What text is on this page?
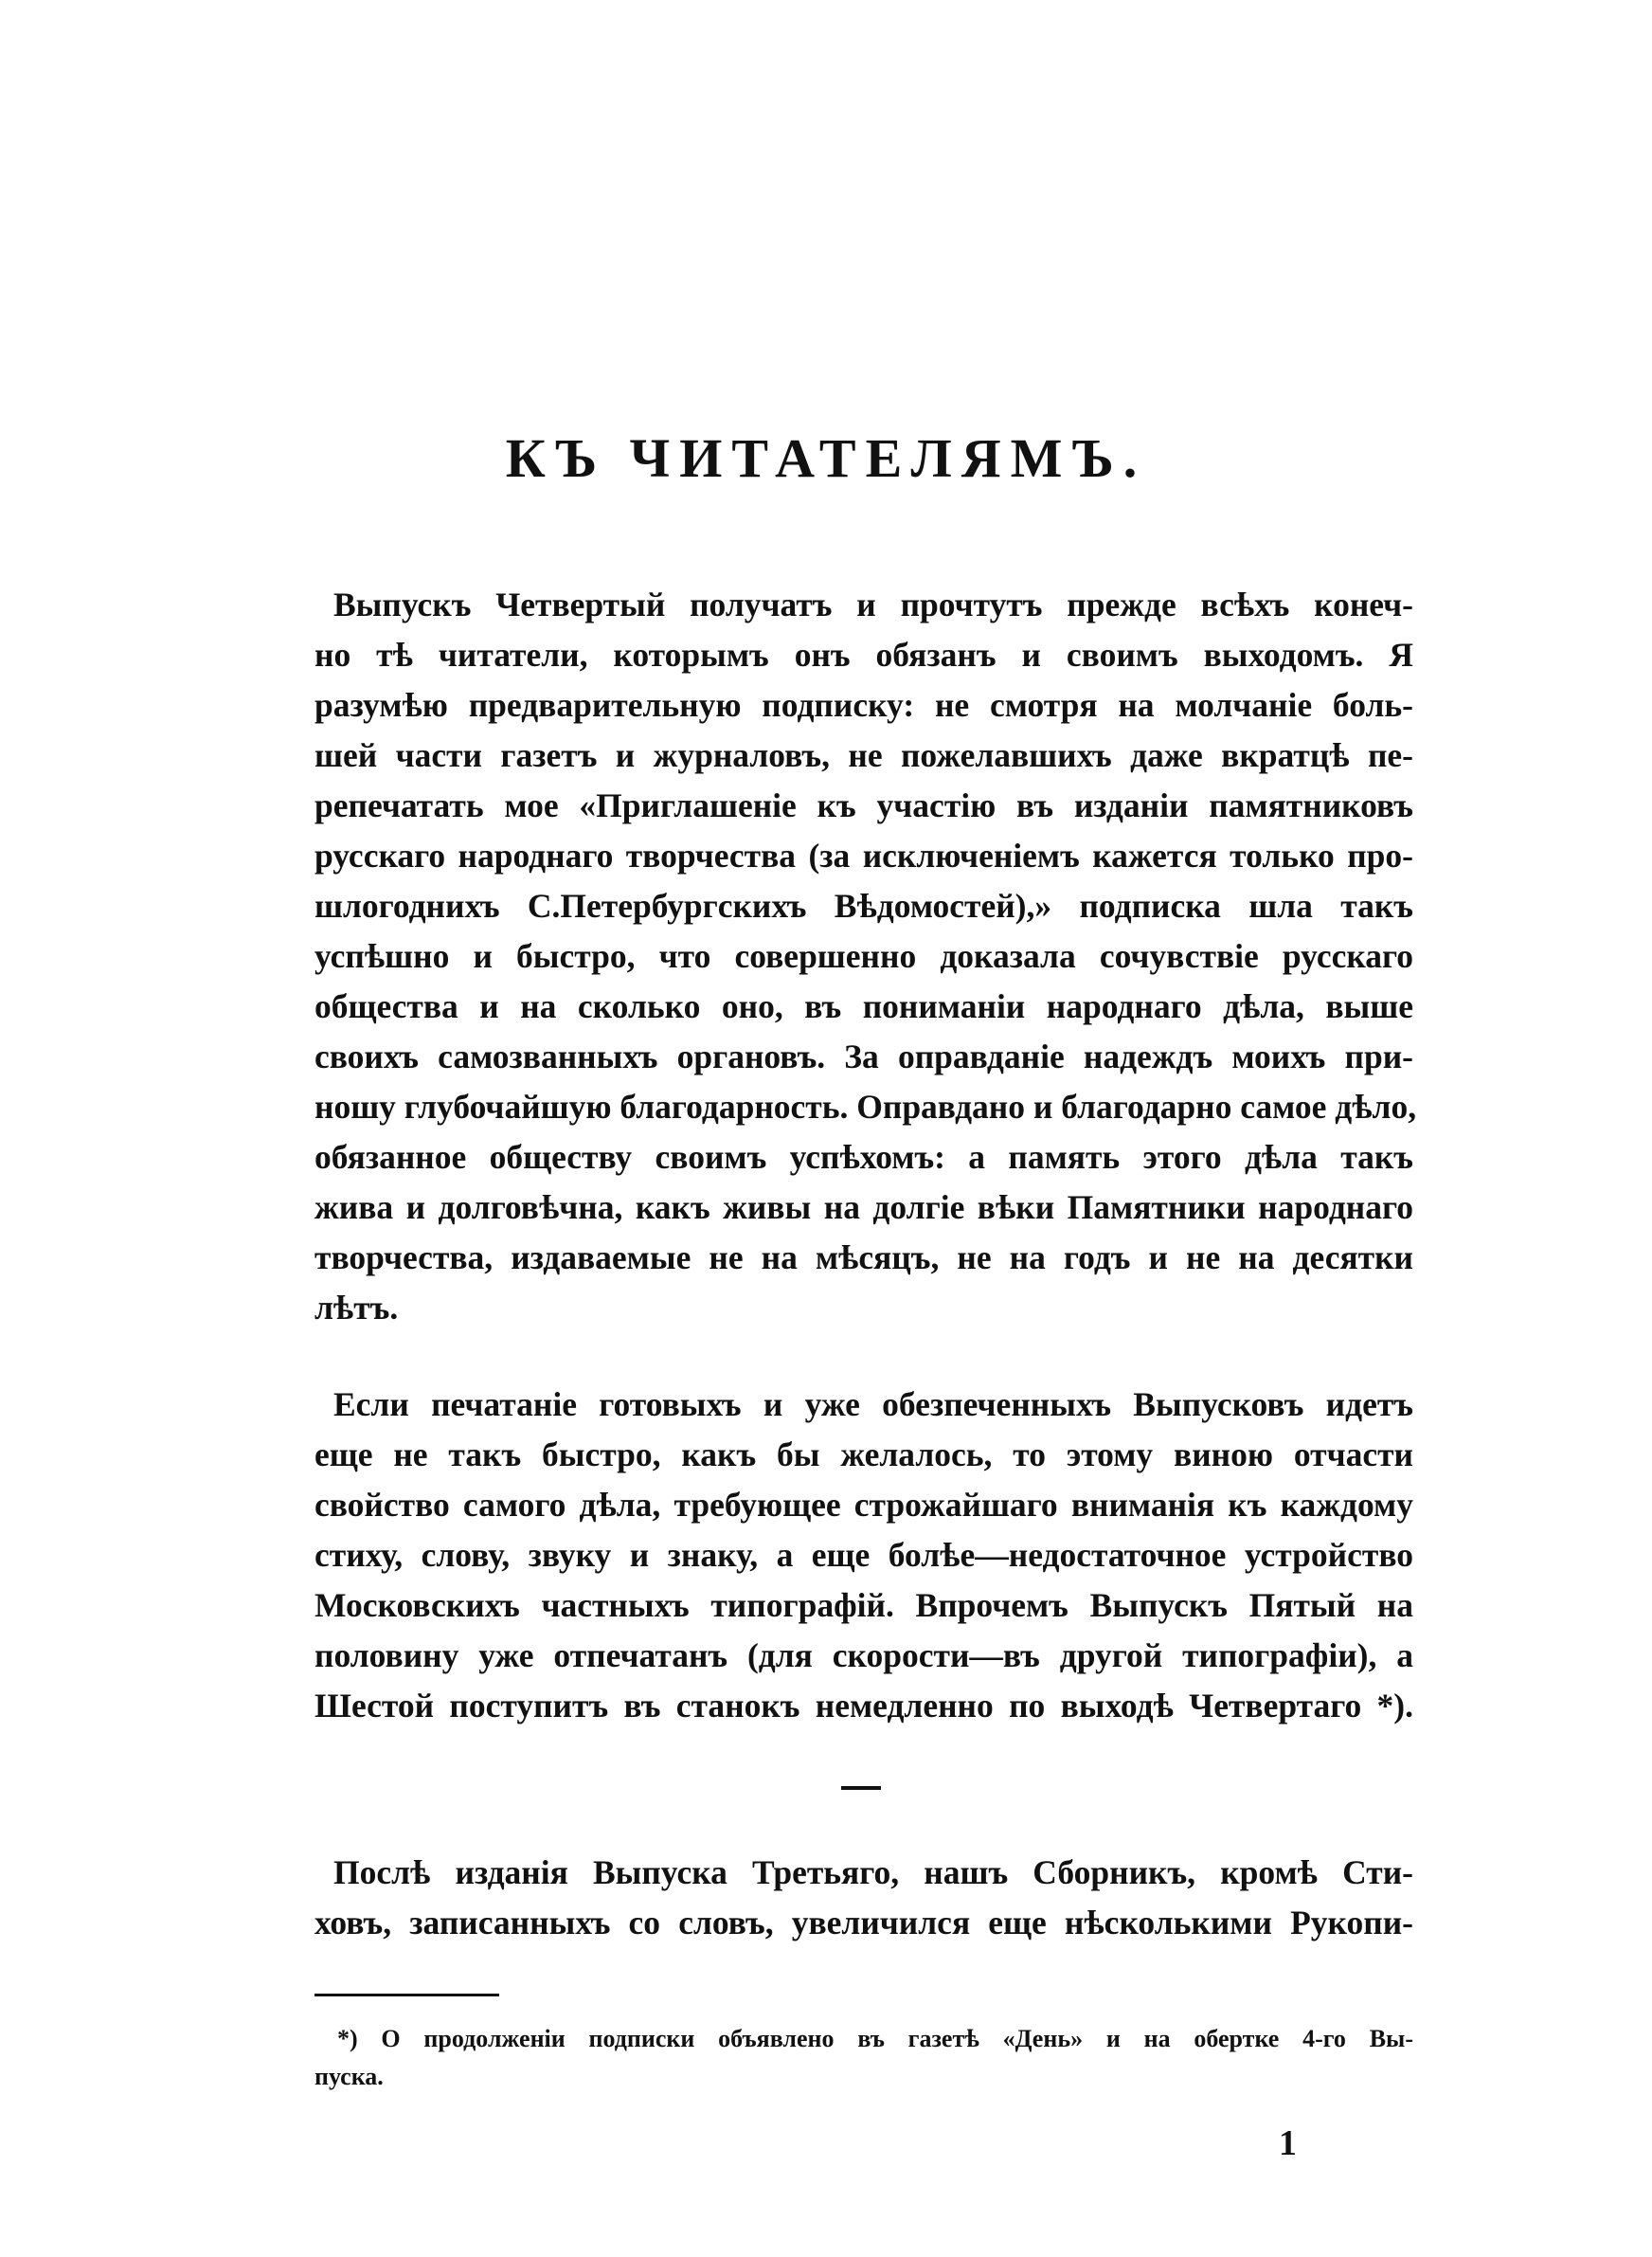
КЪ ЧИТАТЕЛЯМЪ.
Выпускъ Четвертый получатъ и прочтутъ прежде всѣхъ конеч-
но тѣ читатели, которымъ онъ обязанъ и своимъ выходомъ. Я
разумѣю предварительную подписку: не смотря на молчаніе боль-
шей части газетъ и журналовъ, не пожелавшихъ даже вкратцѣ пе-
репечатать мое «Приглашеніе къ участію въ изданіи памятниковъ
русскаго народнаго творчества (за исключеніемъ кажется только про-
шлогоднихъ С.Петербургскихъ Вѣдомостей),» подписка шла такъ
успѣшно и быстро, что совершенно доказала сочувствіе русскаго
общества и на сколько оно, въ пониманіи народнаго дѣла, выше
своихъ самозванныхъ органовъ. За оправданіе надеждъ моихъ при-
ношу глубочайшую благодарность. Оправдано и благодарно самое дѣло,
обязанное обществу своимъ успѣхомъ: а память этого дѣла такъ
жива и долговѣчна, какъ живы на долгіе вѣки Памятники народнаго
творчества, издаваемые не на мѣсяцъ, не на годъ и не на десятки
лѣтъ.
Если печатаніе готовыхъ и уже обезпеченныхъ Выпусковъ идетъ
еще не такъ быстро, какъ бы желалось, то этому виною отчасти
свойство самого дѣла, требующее строжайшаго вниманія къ каждому
стиху, слову, звуку и знаку, а еще болѣе—недостаточное устройство
Московскихъ частныхъ типографій. Впрочемъ Выпускъ Пятый на
половину уже отпечатанъ (для скорости—въ другой типографіи), а
Шестой поступитъ въ станокъ немедленно по выходѣ Четвертаго *).
Послѣ изданія Выпуска Третьяго, нашъ Сборникъ, кромѣ Сти-
ховъ, записанныхъ со словъ, увеличился еще нѣсколькими Рукопи-
*) О продолженіи подписки объявлено въ газетѣ «День» и на обертке 4-го Вы-
пуска.
1
